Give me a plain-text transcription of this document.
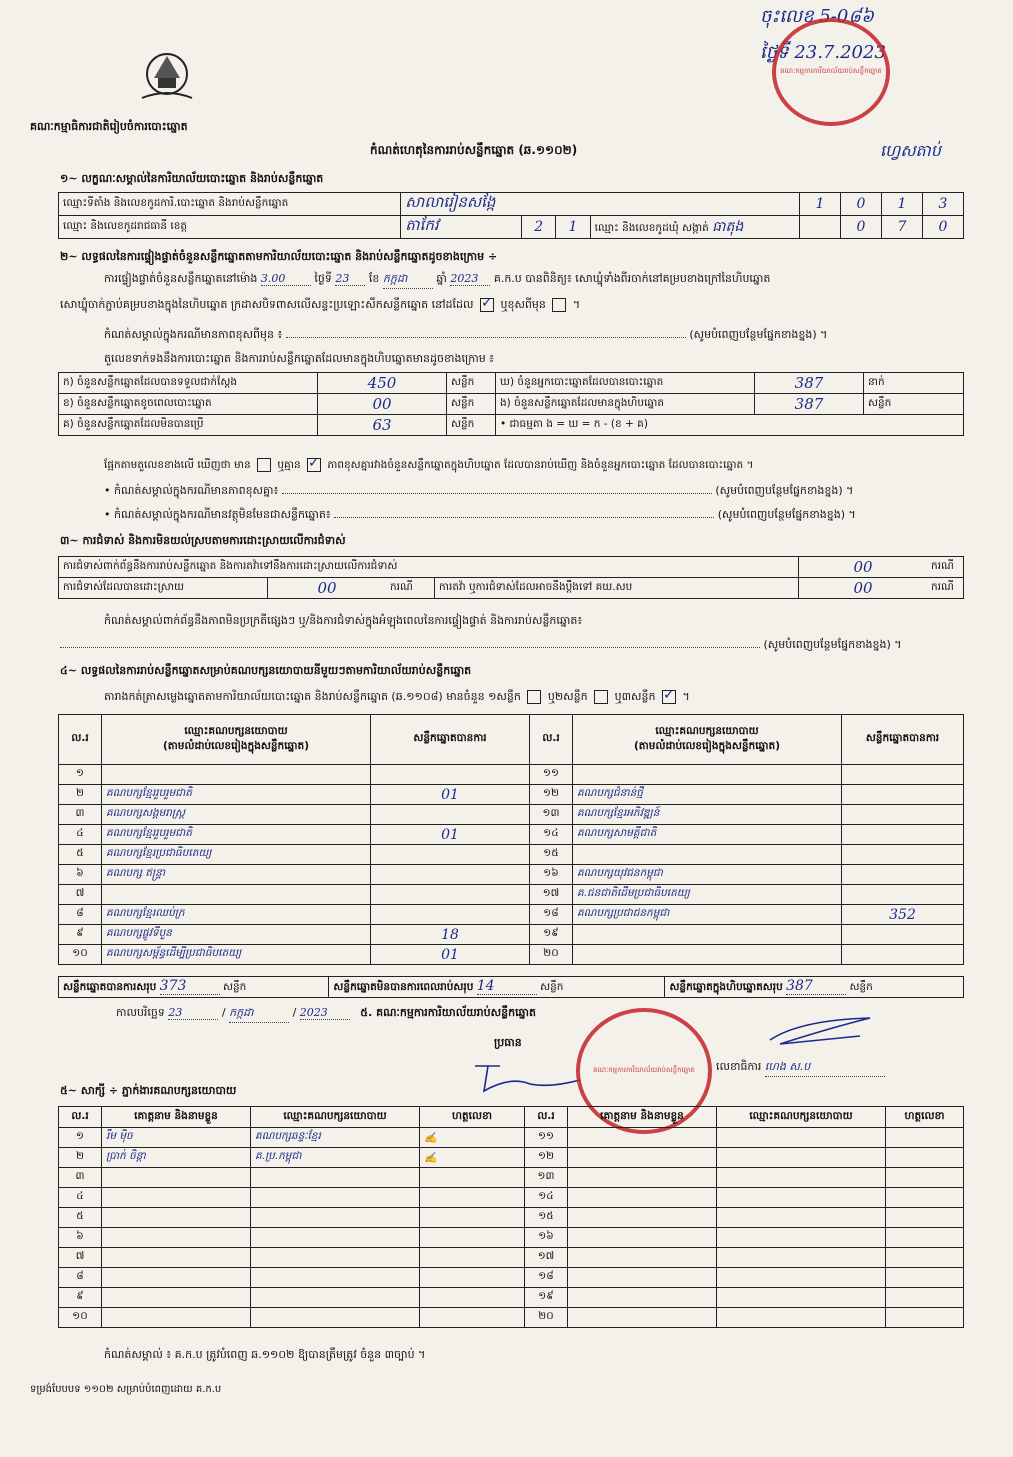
គណៈកម្មាធិការជាតិរៀបចំការបោះឆ្នោត
ចុះលេខ 5-0៨៦
ថ្ងៃទី 23.7.2023
ហ្វេសតាប់
គណៈកម្មការការិយាល័យរាប់សន្លឹកឆ្នោត
កំណត់ហេតុនៃការរាប់សន្លឹកឆ្នោត (ឆ.១១០២)
១~ លក្ខណៈសម្គាល់នៃការិយាល័យបោះឆ្នោត និងរាប់សន្លឹកឆ្នោត
ឈ្មោះទីតាំង និងលេខកូដការិ.បោះឆ្នោត និងរាប់សន្លឹកឆ្នោត	សាលារៀនសង្កែ				1	0	1	3
ឈ្មោះ និងលេខកូដរាជធានី ខេត្ត	តាកែវ	2	1	ឈ្មោះ និងលេខកូដឃុំ សង្កាត់ ធាតុង		0	7	0
២~ លទ្ធផលនៃការផ្ទៀងផ្ទាត់ចំនួនសន្លឹកឆ្នោតតាមការិយាល័យបោះឆ្នោត និងរាប់សន្លឹកឆ្នោតដូចខាងក្រោម ÷
ការផ្ទៀងផ្ទាត់ចំនួនសន្លឹកឆ្នោតនៅម៉ោង 3.00	ថ្ងៃទី 23 ខែ កក្កដា	ឆ្នាំ 2023 គ.ក.ប បានពិនិត្យ៖ សោឃ្នុំទាំងពីរចាក់នៅគម្របខាងក្រៅនៃហិបឆ្នោត
សោឃ្នុំចាក់ភ្ជាប់គម្របខាងក្នុងនៃហិបឆ្នោត ក្រដាសបិទពាសលើសន្ទះប្រឡោះសឹកសន្លឹកឆ្នោត នៅដដែល ✓ ឬខុសពីមុន  ។
កំណត់សម្គាល់ក្នុងករណីមានភាពខុសពីមុន ៖	(សូមបំពេញបន្ថែមផ្នែកខាងខ្នង) ។
តួលេខទាក់ទងនឹងការបោះឆ្នោត និងការរាប់សន្លឹកឆ្នោតដែលមានក្នុងហិបឆ្នោតមានដូចខាងក្រោម ៖
ក) ចំនួនសន្លឹកឆ្នោតដែលបានទទួលជាក់ស្តែង	450	សន្លឹក	ឃ) ចំនួនអ្នកបោះឆ្នោតដែលបានបោះឆ្នោត	387	នាក់
ខ) ចំនួនសន្លឹកឆ្នោតខូចពេលបោះឆ្នោត	00	សន្លឹក	ង) ចំនួនសន្លឹកឆ្នោតដែលមានក្នុងហិបឆ្នោត	387	សន្លឹក
គ) ចំនួនសន្លឹកឆ្នោតដែលមិនបានប្រើ	63	សន្លឹក	• ជាធម្មតា ង = ឃ = ក - (ខ + គ)		
ផ្អែកតាមតួលេខខាងលើ ឃើញថា មាន	ឬគ្មាន ✓	ភាពខុសគ្នារវាងចំនួនសន្លឹកឆ្នោតក្នុងហិបឆ្នោត ដែលបានរាប់ឃើញ និងចំនួនអ្នកបោះឆ្នោត ដែលបានបោះឆ្នោត ។
• កំណត់សម្គាល់ក្នុងករណីមានភាពខុសគ្នា៖	(សូមបំពេញបន្ថែមផ្នែកខាងខ្នង) ។
• កំណត់សម្គាល់ក្នុងករណីមានវត្ថុមិនមែនជាសន្លឹកឆ្នោត៖	(សូមបំពេញបន្ថែមផ្នែកខាងខ្នង) ។
៣~ ការជំទាស់ និងការមិនយល់ស្របតាមការដោះស្រាយលើការជំទាស់
ការជំទាស់ពាក់ព័ន្ធនឹងការរាប់សន្លឹកឆ្នោត និងការតវ៉ាទៅនឹងការដោះស្រាយលើការជំទាស់				00	ករណី
ការជំទាស់ដែលបានដោះស្រាយ	00	ករណី	ការតវ៉ា ឬការជំទាស់ដែលអាចនឹងប្តឹងទៅ គឃ.សប	00	ករណី
កំណត់សម្គាល់ពាក់ព័ន្ធនឹងភាពមិនប្រក្រតីផ្សេងៗ ឬ/និងការជំទាស់ក្នុងអំឡុងពេលនៃការផ្ទៀងផ្ទាត់ និងការរាប់សន្លឹកឆ្នោត៖
(សូមបំពេញបន្ថែមផ្នែកខាងខ្នង) ។
៤~ លទ្ធផលនៃការរាប់សន្លឹកឆ្នោតសម្រាប់គណបក្សនយោបាយនីមួយៗតាមការិយាល័យរាប់សន្លឹកឆ្នោត
តារាងកត់ត្រាសម្លេងឆ្នោតតាមការិយាល័យបោះឆ្នោត និងរាប់សន្លឹកឆ្នោត (ឆ.១១០៨) មានចំនួន ១សន្លឹក ឬ២សន្លឹក ឬ៣សន្លឹក ✓ ។
ល.រ	ឈ្មោះគណបក្សនយោបាយ
(តាមលំដាប់លេខរៀងក្នុងសន្លឹកឆ្នោត)	សន្លឹកឆ្នោតបានការ	ល.រ	ឈ្មោះគណបក្សនយោបាយ
(តាមលំដាប់លេខរៀងក្នុងសន្លឹកឆ្នោត)	សន្លឹកឆ្នោតបានការ
១			១១		
២	គណបក្សខ្មែររួបរួមជាតិ	01	១២	គណបក្សជំនាន់ថ្មី	
៣	គណបក្សសង្គមរាស្ត្រ		១៣	គណបក្សខ្មែរអភិវឌ្ឍន៍	
៤	គណបក្សខ្មែររួបរួមជាតិ	01	១៤	គណបក្សសាមគ្គីជាតិ	
៥	គណបក្សខ្មែរប្រជាធិបតេយ្យ		១៥		
៦	គណបក្ស ឥន្ទ្រា		១៦	គណបក្សយុវជនកម្ពុជា	
៧			១៧	គ.ជនជាតិដើមប្រជាធិបតេយ្យ	
៨	គណបក្សខ្មែរឈប់ក្រ		១៨	គណបក្សប្រជាជនកម្ពុជា	352
៩	គណបក្សផ្លូវទីបួន	18	១៩		
១០	គណបក្សសម្ព័ន្ធដើម្បីប្រជាធិបតេយ្យ	01	២០		
សន្លឹកឆ្នោតបានការសរុប 373	សន្លឹក	សន្លឹកឆ្នោតមិនបានការពេលរាប់សរុប 14	សន្លឹក	សន្លឹកឆ្នោតក្នុងហិបឆ្នោតសរុប 387	សន្លឹក
កាលបរិច្ឆេទ 23	/ កក្កដា	/ 2023	៥. គណៈកម្មការការិយាល័យរាប់សន្លឹកឆ្នោត
ប្រធាន
លេខាធិការ ហេង ស.ប
គណៈកម្មការការិយាល័យរាប់សន្លឹកឆ្នោត
៥~ សាក្សី ÷ ភ្នាក់ងារគណបក្សនយោបាយ
ល.រ	គោត្តនាម និងនាមខ្លួន	ឈ្មោះគណបក្សនយោបាយ	ហត្ថលេខា	ល.រ	គោត្តនាម និងនាមខ្លួន	ឈ្មោះគណបក្សនយោបាយ	ហត្ថលេខា
១	រឹម ម៉ិច	គណបក្សឆន្ទៈខ្មែរ	✍	១១			
២	ប្រាក់ ចិន្ដា	គ.ប្រ.កម្ពុជា	✍	១២			
៣				១៣			
៤				១៤			
៥				១៥			
៦				១៦			
៧				១៧			
៨				១៨			
៩				១៩			
១០				២០			
កំណត់សម្គាល់ ៖ គ.ក.ប ត្រូវបំពេញ ឆ.១១០២ ឱ្យបានត្រឹមត្រូវ ចំនួន ៣ច្បាប់ ។
ទម្រង់បែបបទ ១១០២ សម្រាប់បំពេញដោយ គ.ក.ប
